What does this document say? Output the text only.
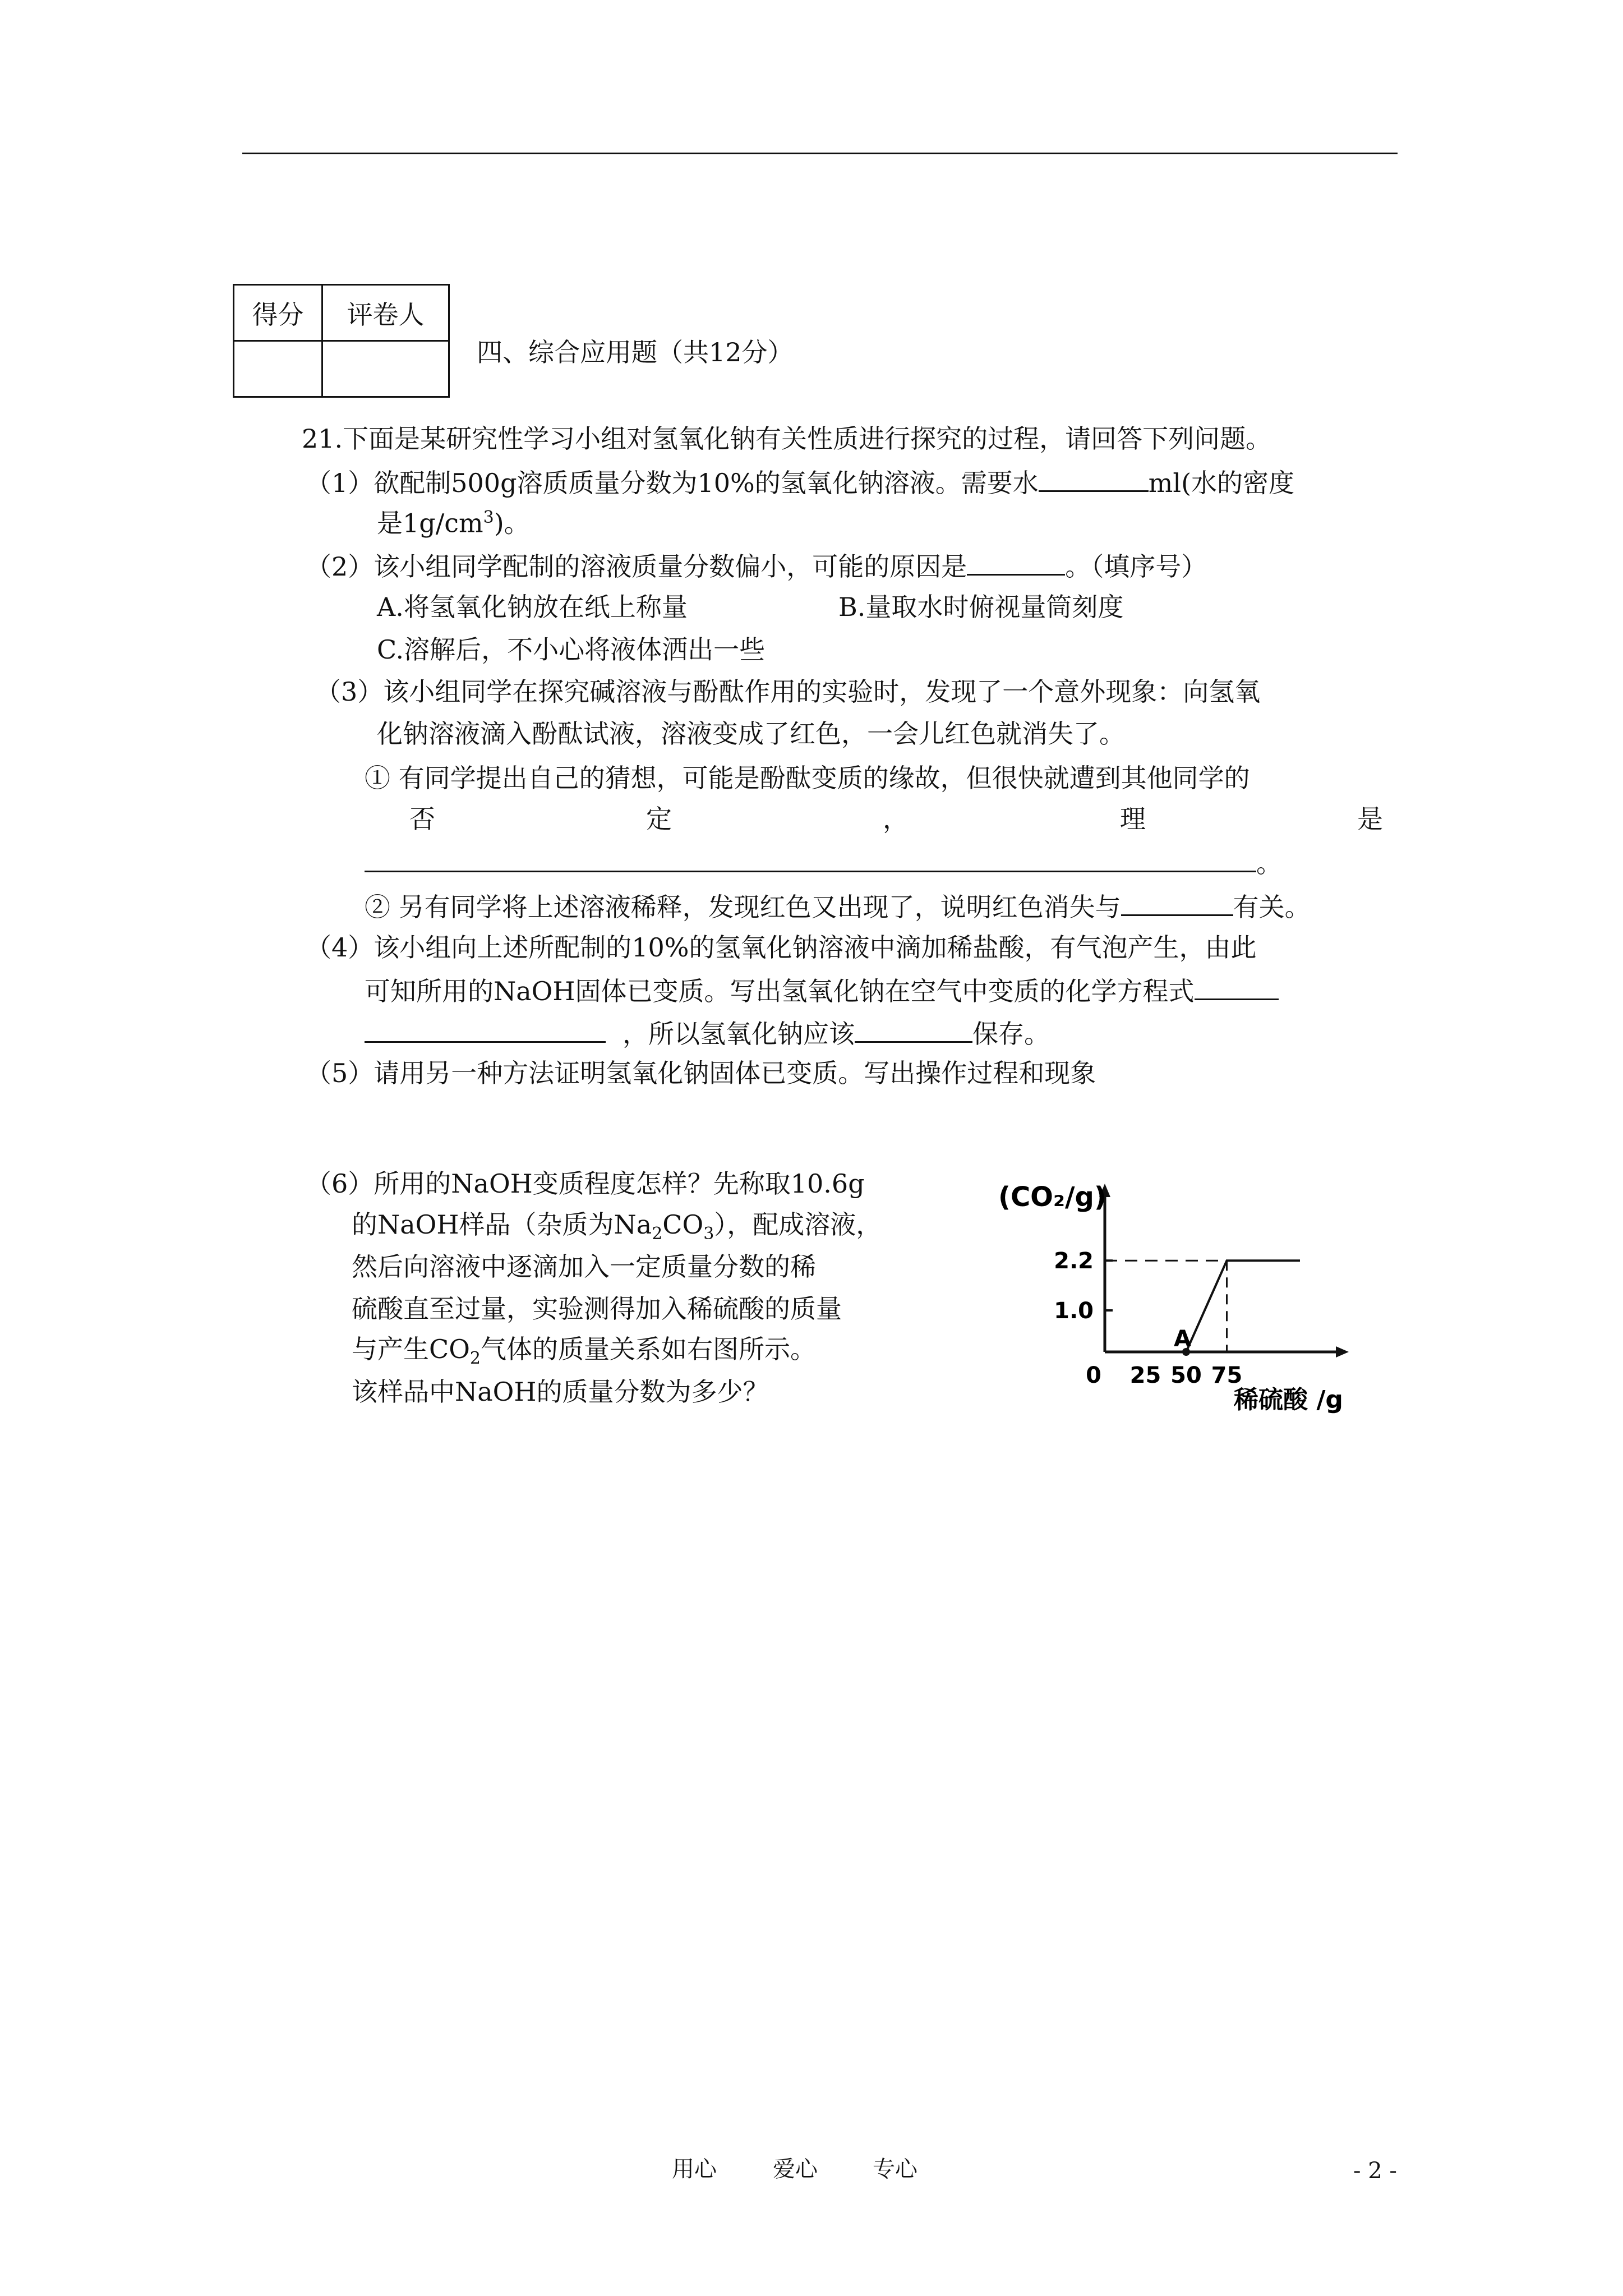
得分	评卷人

四、综合应用题（共12分）
21.下面是某研究性学习小组对氢氧化钠有关性质进行探究的过程，请回答下列问题。
（1）欲配制500g溶质质量分数为10%的氢氧化钠溶液。需要水	ml(水的密度
是$1g/cm^3$)。
（2）该小组同学配制的溶液质量分数偏小，可能的原因是	。（填序号）
A.将氢氧化钠放在纸上称量	B.量取水时俯视量筒刻度
C.溶解后，不小心将液体洒出一些
（3）该小组同学在探究碱溶液与酚酞作用的实验时，发现了一个意外现象：向氢氧
化钠溶液滴入酚酞试液，溶液变成了红色，一会儿红色就消失了。
① 有同学提出自己的猜想，可能是酚酞变质的缘故，但很快就遭到其他同学的
否	定	，	理	是
。
② 另有同学将上述溶液稀释，发现红色又出现了，说明红色消失与	有关。
（4）该小组向上述所配制的10%的氢氧化钠溶液中滴加稀盐酸，有气泡产生，由此
可知所用的NaOH固体已变质。写出氢氧化钠在空气中变质的化学方程式
，所以氢氧化钠应该	保存。
（5）请用另一种方法证明氢氧化钠固体已变质。写出操作过程和现象
（6）所用的NaOH变质程度怎样？先称取10.6g
的NaOH样品（杂质为$Na_2CO_3$），配成溶液，
然后向溶液中逐滴加入一定质量分数的稀
硫酸直至过量，实验测得加入稀硫酸的质量
与产生$CO_2$气体的质量关系如右图所示。
该样品中NaOH的质量分数为多少？
1.0
2.2
0 25 50 75
A
(CO₂/g)
稀硫酸 /g
用心	爱心 专心	- 2 -
